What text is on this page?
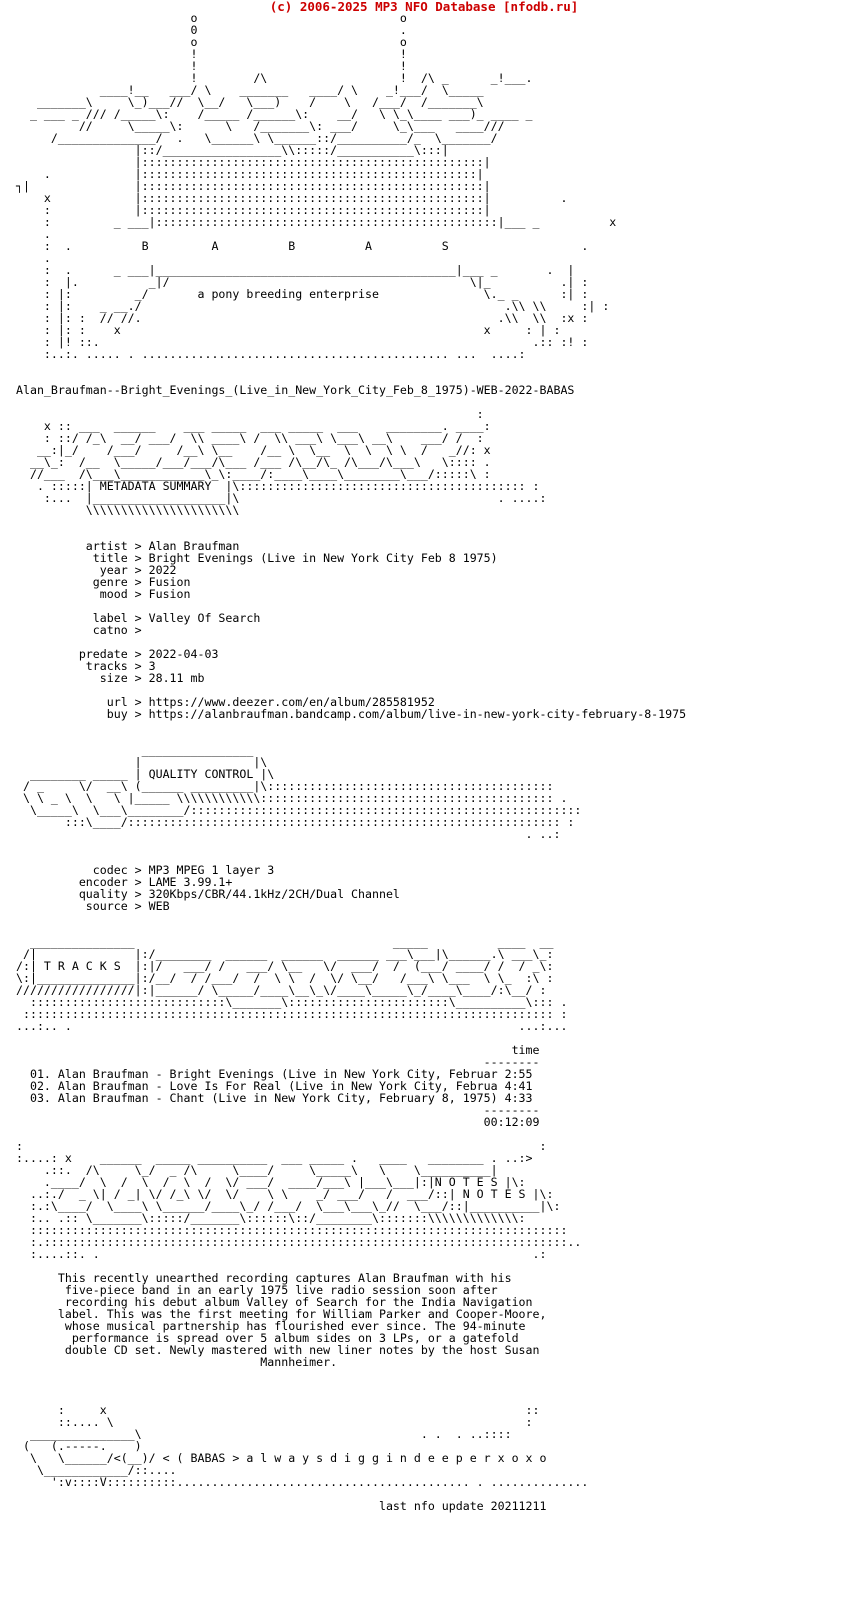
(c) 2006-2025 MP3 NFO Database [nfodb.ru]
o                             o
0                             .
o                             o
!                             !
!                             !
!        /\                   !  /\ _      _!___.
____!__   ___/ \    _______   ____/ \    _!___/  \_____
_______\     \_)___//  \__/   \___)    /    \   /___/  /_______\
_ ___ _ /// /_____\:    /_____ /______\:    __/   \ \_\____ ___)_ ____ _
//     \_____\:      \   /_______\: ___/     \_\___   ____///
/______________/  .   \______\ \______::/__________/_  \_______/
|::/_________________\\:::::/___________\:::|
|:::::::::::::::::::::::::::::::::::::::::::::::::|
.            |::::::::::::::::::::::::::::::::::::::::::::::::|
┐|               |:::::::::::::::::::::::::::::::::::::::::::::::::|
x            |:::::::::::::::::::::::::::::::::::::::::::::::::|          .
:            |:::::::::::::::::::::::::::::::::::::::::::::::::|
:         _ ___|:::::::::::::::::::::::::::::::::::::::::::::::::|___ _          x
.
:  .          B         A          B          A          S                   .
.
:  .      _ ___|___________________________________________|___ _       .  |
:  |.          _|/                                           \|_          .| :
: |:         _/       a pony breeding enterprise               \._ _      :| :
: |:    _ __./                                                    .\\ \\     :| :
: |: :  // //.                                                   .\\  \\  :x :
: |: :    x                                                    x     : | :
: |! ::.                                                              .:: :! :
:..:. ..... . ............................................ ...  ....:

Alan_Braufman--Bright_Evenings_(Live_in_New_York_City_Feb_8_1975)-WEB-2022-BABAS

:
x :: ___  ______    ___ _____  ___ _____  ___    ________. ____:
: ::/ /_\  __/ ___/  \\ ____\ /  \\ ___\ \___\ __\    ___/ /  :
__:|_/    /___/     /__\ \__    /__ \  \__  \  \  \ \  /   _//: x
__\_:  /__  \_____/___/___/\___ /___ /\__/\_ /\___/\___\   \:::: .
//___  /\___\____________\_\:____/:____\____\________\___/:::::\ :
. :::::| METADATA SUMMARY  |\::::::::::::::::::::::::::::::::::::::::: :
:...  |___________________|\                                     . ....:
\\\\\\\\\\\\\\\\\\\\\\

artist > Alan Braufman
title > Bright Evenings (Live in New York City Feb 8 1975)
year > 2022
genre > Fusion
mood > Fusion

label > Valley Of Search
catno >

predate > 2022-04-03
tracks > 3
size > 28.11 mb

url > https://www.deezer.com/en/album/285581952
buy > https://alanbraufman.bandcamp.com/album/live-in-new-york-city-february-8-1975

________________
|                |\
________ _____ | QUALITY CONTROL |\
/ _     \/  __\ (______ _________|\:::::::::::::::::::::::::::::::::::::::::
\ \ _ \  \   \ |_____ \\\\\\\\\\\\:::::::::::::::::::::::::::::::::::::::::: .
\_____\  \___\________/::::::::::::::::::::::::::::::::::::::::::::::::::::::::
:::\____/:::::::::::::::::::::::::::::::::::::::::::::::::::::::::::::: :
. ..:

codec > MP3 MPEG 1 layer 3
encoder > LAME 3.99.1+
quality > 320Kbps/CBR/44.1kHz/2CH/Dual Channel
source > WEB

_______________                                     _____          ____  __
/|              |:/________  ______  ______  ______ ___\___|\______.\ ___\_:
/:| T R A C K S  |:|/   ___/ /   ___/ \__   \/  ___/  /  (___/ ____/ /  / _\:
\:|______________|:/__/  / /___/  /  \ \  /  \/ \__/   /___\ \___  \ \_  :\ :
/////////////////|:|______/ \_____/____\__\_\/____\_____\_/____\____/:\__/ :
::::::::::::::::::::::::::::\_______\:::::::::::::::::::::::\__________\::: .
:::::::::::::::::::::::::::::::::::::::::::::::::::::::::::::::::::::::::::: :
...:.. .                                                                ...:...

time
--------
01. Alan Braufman - Bright Evenings (Live in New York City, Februar 2:55
02. Alan Braufman - Love Is For Real (Live in New York City, Februa 4:41
03. Alan Braufman - Chant (Live in New York City, February 8, 1975) 4:33
--------
00:12:09

:                                                                          :
:....: x    ______  _____ __________  ___ _____ .   ____   ________ . ..:>
.::.  /\     \_/  _ /\     \____/     \_____\   \    \__________|
.____/  \  /  \  /  \  /  \/ ___/  ____/___\ |___\___|:|N O T E S |\:
..:./  _ \| / _| \/ /_\ \/  \/    \ \    _/ ___/   /  ___/::| N O T E S |\:
:.:\____/  \____\ \______/____\_/ /___/  \___\___\_//  \___/::|__________|\:
:.. .:: \_______\:::::/_______\::::::\::/________\:::::::\\\\\\\\\\\\\:
:::::::::::::::::::::::::::::::::::::::::::::::::::::::::::::::::::::::::::::
:.:::::::::::::::::::::::::::::::::::::::::::::::::::::::::::::::::::::::::::..
:....::. .                                                              .:

This recently unearthed recording captures Alan Braufman with his
five-piece band in an early 1975 live radio session soon after
recording his debut album Valley of Search for the India Navigation
label. This was the first meeting for William Parker and Cooper-Moore,
whose musical partnership has flourished ever since. The 94-minute
performance is spread over 5 album sides on 3 LPs, or a gatefold
double CD set. Newly mastered with new liner notes by the host Susan
Mannheimer.

:     x                                                            ::
::.... \                                                           :
_______________\                                        . .  . ..::::
(   (.-----.    )
\   \______/<(__)/ < ( BABAS > a l w a y s d i g g i n d e e p e r x o x o
\____________/::....
':v::::V::::::::::.......................................... . ..............

last nfo update 20211211
